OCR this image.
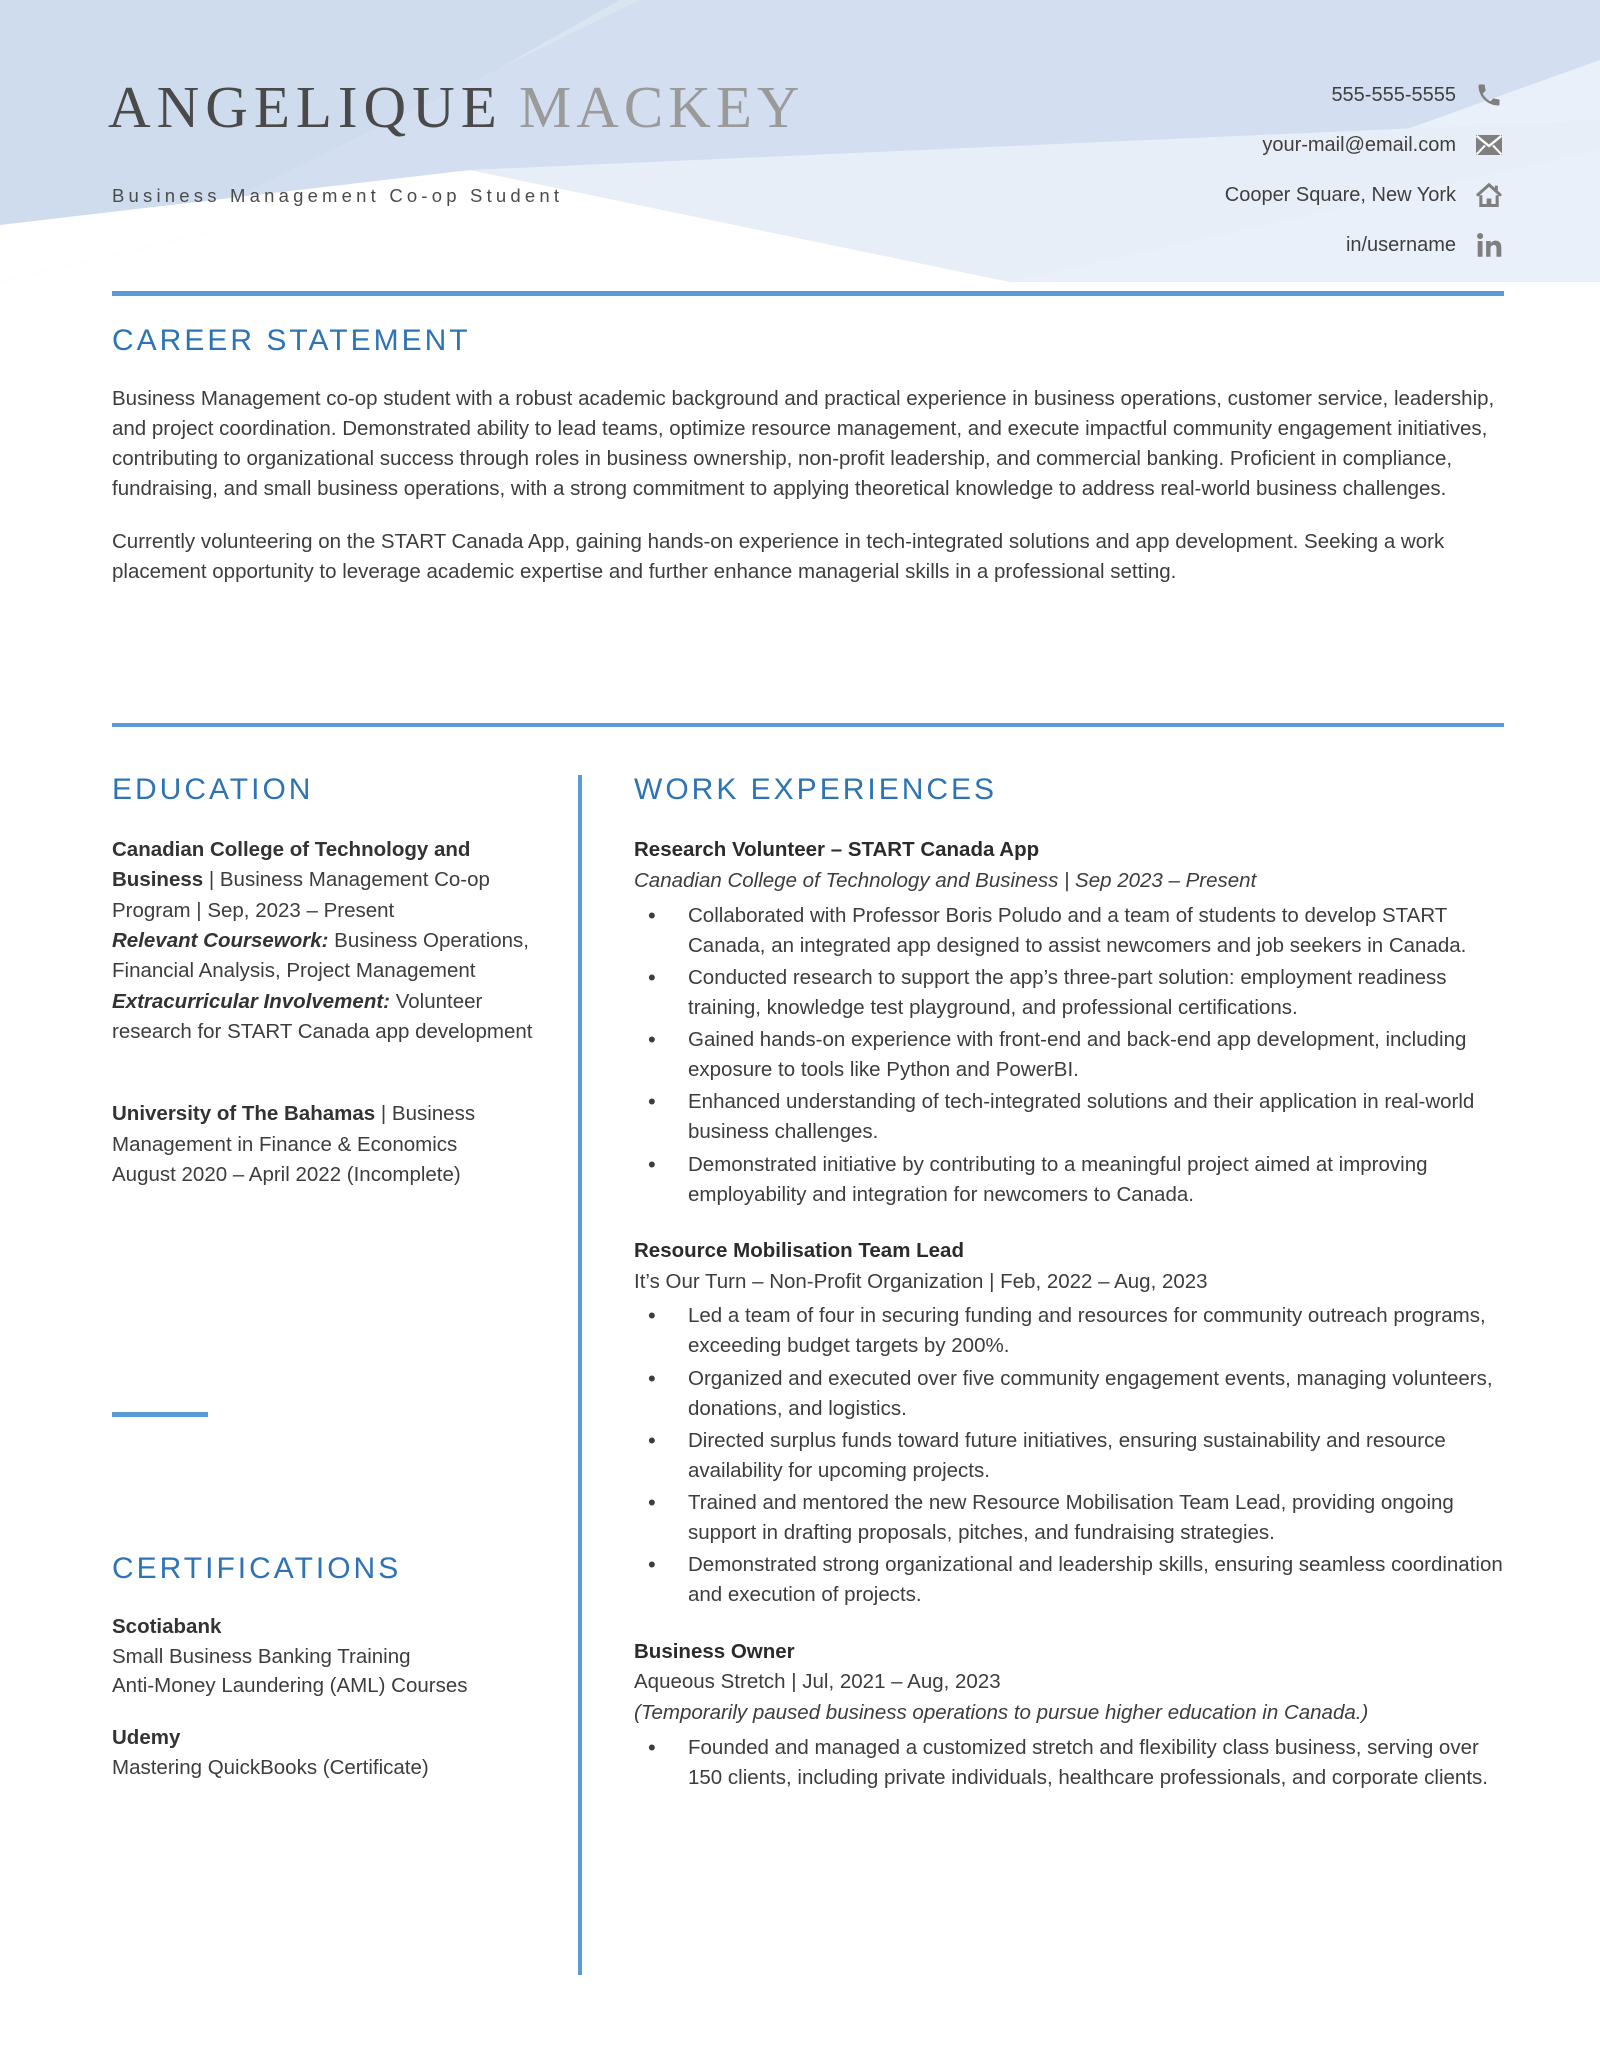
ANGELIQUE MACKEY
Business Management Co-op Student
555-555-5555
your-mail@email.com
Cooper Square, New York
in/username
CAREER STATEMENT

Business Management co-op student with a robust academic background and practical experience in business operations, customer service, leadership, and project coordination. Demonstrated ability to lead teams, optimize resource management, and execute impactful community engagement initiatives, contributing to organizational success through roles in business ownership, non-profit leadership, and commercial banking. Proficient in compliance, fundraising, and small business operations, with a strong commitment to applying theoretical knowledge to address real-world business challenges.

Currently volunteering on the START Canada App, gaining hands-on experience in tech-integrated solutions and app development. Seeking a work placement opportunity to leverage academic expertise and further enhance managerial skills in a professional setting.

EDUCATION

Canadian College of Technology and Business | Business Management Co-op Program | Sep, 2023 – Present

Relevant Coursework: Business Operations, Financial Analysis, Project Management

Extracurricular Involvement: Volunteer research for START Canada app development

University of The Bahamas | Business Management in Finance & Economics

August 2020 – April 2022 (Incomplete)

CERTIFICATIONS
Scotiabank
Small Business Banking Training
Anti-Money Laundering (AML) Courses
Udemy
Mastering QuickBooks (Certificate)
WORK EXPERIENCES
Research Volunteer – START Canada App
Canadian College of Technology and Business | Sep 2023 – Present
• Collaborated with Professor Boris Poludo and a team of students to develop START Canada, an integrated app designed to assist newcomers and job seekers in Canada.
• Conducted research to support the app’s three-part solution: employment readiness training, knowledge test playground, and professional certifications.
• Gained hands-on experience with front-end and back-end app development, including exposure to tools like Python and PowerBI.
• Enhanced understanding of tech-integrated solutions and their application in real-world business challenges.
• Demonstrated initiative by contributing to a meaningful project aimed at improving employability and integration for newcomers to Canada.
Resource Mobilisation Team Lead
It’s Our Turn – Non-Profit Organization | Feb, 2022 – Aug, 2023
• Led a team of four in securing funding and resources for community outreach programs, exceeding budget targets by 200%.
• Organized and executed over five community engagement events, managing volunteers, donations, and logistics.
• Directed surplus funds toward future initiatives, ensuring sustainability and resource availability for upcoming projects.
• Trained and mentored the new Resource Mobilisation Team Lead, providing ongoing support in drafting proposals, pitches, and fundraising strategies.
• Demonstrated strong organizational and leadership skills, ensuring seamless coordination and execution of projects.
Business Owner
Aqueous Stretch | Jul, 2021 – Aug, 2023
(Temporarily paused business operations to pursue higher education in Canada.)
• Founded and managed a customized stretch and flexibility class business, serving over 150 clients, including private individuals, healthcare professionals, and corporate clients.
